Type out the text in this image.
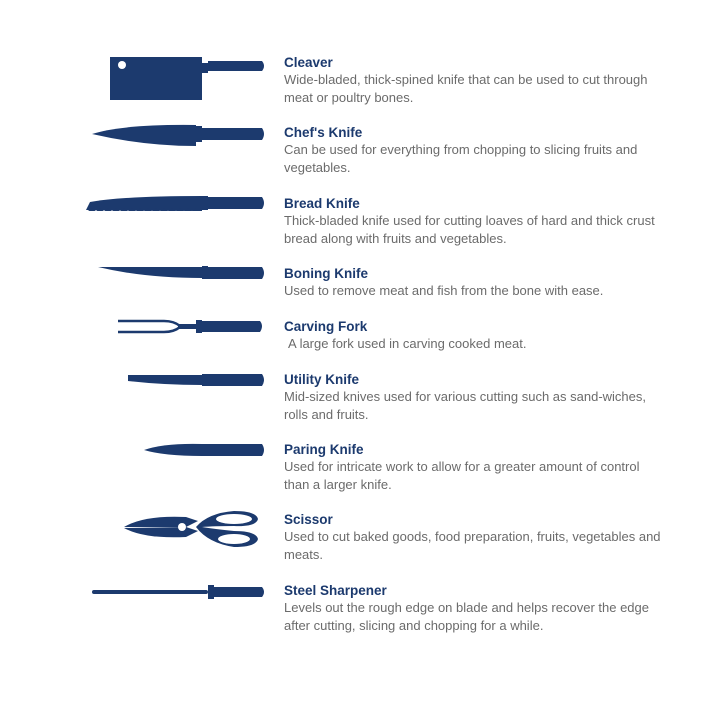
Cleaver

Wide-bladed, thick-spined knife that can be used to cut through meat or poultry bones.

Chef's Knife

Can be used for everything from chopping to slicing fruits and vegetables.

Bread Knife

Thick-bladed knife used for cutting loaves of hard and thick crust bread along with fruits and vegetables.

Boning Knife

Used to remove meat and fish from the bone with ease.

Carving Fork

A large fork used in carving cooked meat.

Utility Knife

Mid-sized knives used for various cutting such as sand-wiches, rolls and fruits.

Paring Knife

Used for intricate work to allow for a greater amount of control than a larger knife.

Scissor

Used to cut baked goods, food preparation, fruits, vegetables and meats.

Steel Sharpener

Levels out the rough edge on blade and helps recover the edge after cutting, slicing and chopping for a while.
